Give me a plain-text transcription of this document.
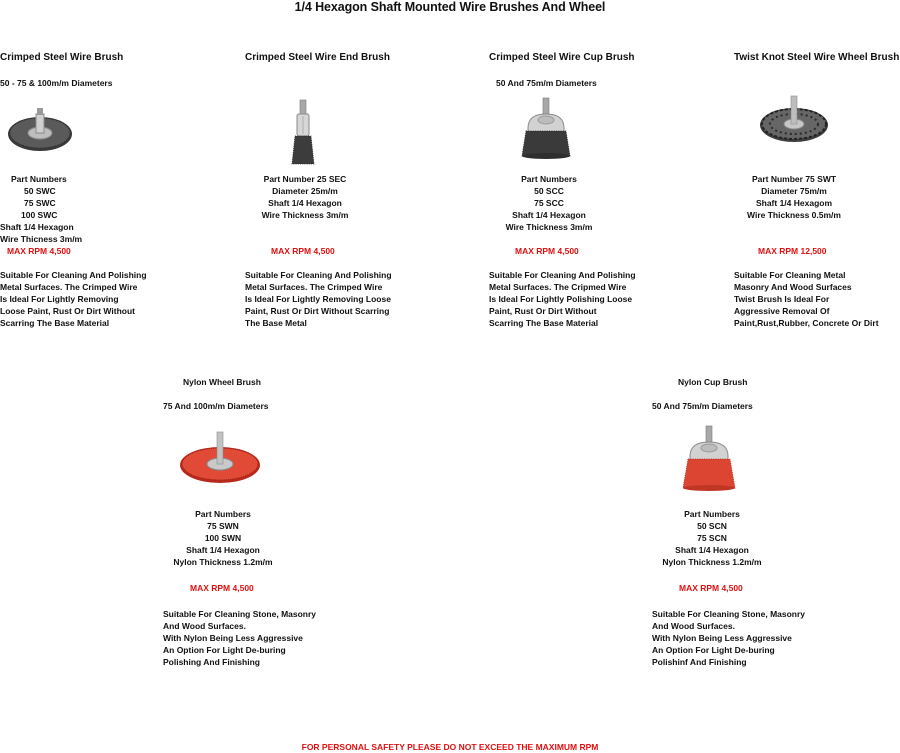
1/4 Hexagon Shaft Mounted Wire Brushes And Wheel
Crimped Steel Wire Brush
50 - 75 & 100m/m Diameters
Part Numbers
50 SWC
75 SWC
100 SWC
Shaft 1/4 Hexagon
Wire Thicness 3m/m
MAX RPM 4,500
Suitable For Cleaning And Polishing
Metal Surfaces. The Crimped Wire
Is Ideal For Lightly Removing
Loose Paint, Rust Or Dirt Without
Scarring The Base Material
Crimped Steel Wire End Brush
Part Number 25 SEC
Diameter 25m/m
Shaft 1/4 Hexagon
Wire Thickness 3m/m
MAX RPM 4,500
Suitable For Cleaning And Polishing
Metal Surfaces. The Crimped Wire
Is Ideal For Lightly Removing Loose
Paint, Rust Or Dirt Without Scarring
The Base Metal
Crimped Steel Wire Cup Brush
50 And 75m/m Diameters
Part Numbers
50 SCC
75 SCC
Shaft 1/4 Hexagon
Wire Thickness 3m/m
MAX RPM 4,500
Suitable For Cleaning And Polishing
Metal Surfaces. The Cripmed Wire
Is Ideal For Lightly Polishing Loose
Paint, Rust Or Dirt Without
Scarring The Base Material
Twist Knot Steel Wire Wheel Brush
Part Number 75 SWT
Diameter 75m/m
Shaft 1/4 Hexagom
Wire Thickness 0.5m/m
MAX RPM 12,500
Suitable For Cleaning Metal
Masonry And Wood Surfaces
Twist Brush Is Ideal For
Aggressive Removal Of
Paint,Rust,Rubber, Concrete Or Dirt
Nylon Wheel Brush
75 And 100m/m Diameters
Part Numbers
75 SWN
100 SWN
Shaft 1/4 Hexagon
Nylon Thickness 1.2m/m
MAX RPM 4,500
Suitable For Cleaning Stone, Masonry
And Wood Surfaces.
With Nylon Being Less Aggressive
An Option For Light De-buring
Polishing And Finishing
Nylon Cup Brush
50 And 75m/m Diameters
Part Numbers
50 SCN
75 SCN
Shaft 1/4 Hexagon
Nylon Thickness 1.2m/m
MAX RPM 4,500
Suitable For Cleaning Stone, Masonry
And Wood Surfaces.
With Nylon Being Less Aggressive
An Option For Light De-buring
Polishinf And Finishing
FOR PERSONAL SAFETY PLEASE DO NOT EXCEED THE MAXIMUM RPM
